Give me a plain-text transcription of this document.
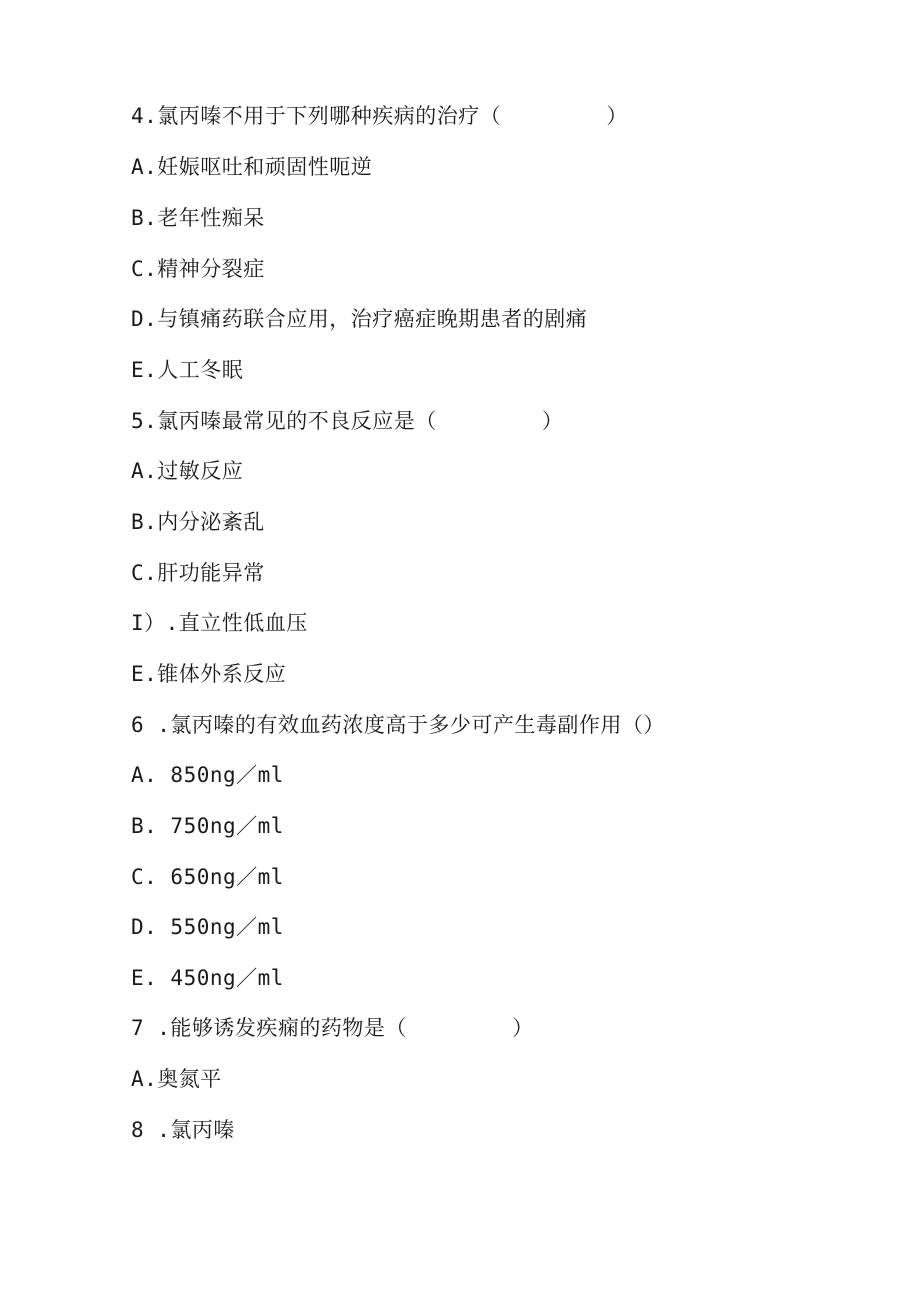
4.氯丙嗪不用于下列哪种疾病的治疗（        ）
A.妊娠呕吐和顽固性呃逆
B.老年性痴呆
C.精神分裂症
D.与镇痛药联合应用，治疗癌症晚期患者的剧痛
E.人工冬眠
5.氯丙嗪最常见的不良反应是（        ）
A.过敏反应
B.内分泌紊乱
C.肝功能异常
I）.直立性低血压
E.锥体外系反应
6 .氯丙嗪的有效血药浓度高于多少可产生毒副作用（）
A. 850ng／ml
B. 750ng／ml
C. 650ng／ml
D. 550ng／ml
E. 450ng／ml
7 .能够诱发疾痫的药物是（        ）
A.奥氮平
8 .氯丙嗪
